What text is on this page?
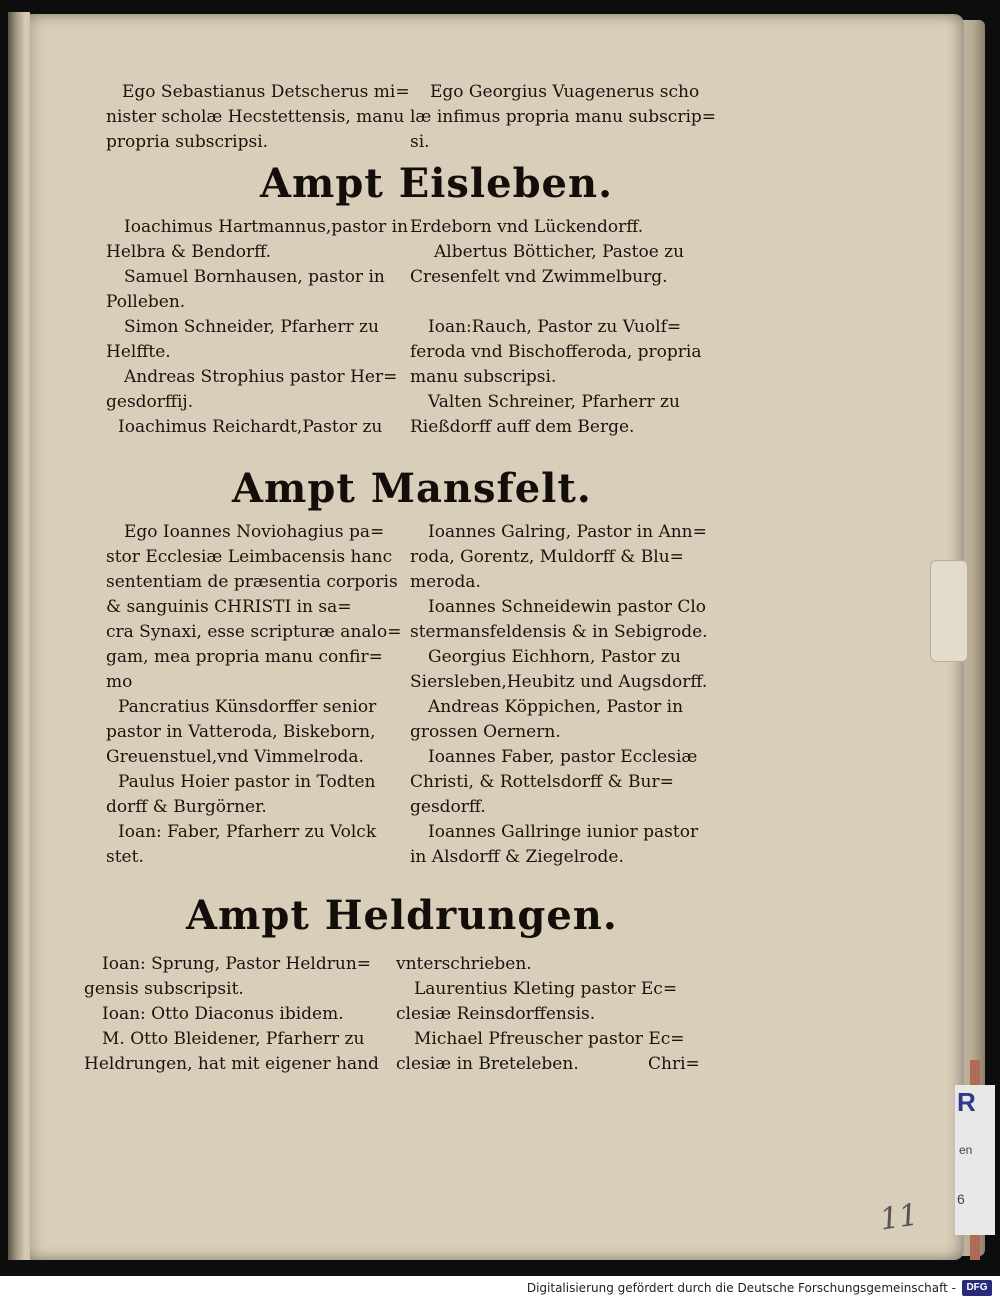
R
en
6
Ego Sebastianus Detscherus mi=
nister scholæ Hecstettensis, manu
propria subscripsi.
Ego Georgius Vuagenerus scho
læ infimus propria manu subscrip=
si.
Ampt Eisleben.
Ioachimus Hartmannus,pastor in
Helbra & Bendorff.
Samuel Bornhausen, pastor in
Polleben.
Simon Schneider, Pfarherr zu
Helffte.
Andreas Strophius pastor Her=
gesdorffij.
Ioachimus Reichardt,Pastor zu
Erdeborn vnd Lückendorff.
Albertus Bötticher, Pastoe zu
Cresenfelt vnd Zwimmelburg.

Ioan:Rauch, Pastor zu Vuolf=
feroda vnd Bischofferoda, propria
manu subscripsi.
Valten Schreiner, Pfarherr zu
Rießdorff auff dem Berge.
Ampt Mansfelt.
Ego Ioannes Noviohagius pa=
stor Ecclesiæ Leimbacensis hanc
sententiam de præsentia corporis
& sanguinis CHRISTI in sa=
cra Synaxi, esse scripturæ analo=
gam, mea propria manu confir=
mo
Pancratius Künsdorffer senior
pastor in Vatteroda, Biskeborn,
Greuenstuel,vnd Vimmelroda.
Paulus Hoier pastor in Todten
dorff & Burgörner.
Ioan: Faber, Pfarherr zu Volck
stet.
Ioannes Galring, Pastor in Ann=
roda, Gorentz, Muldorff & Blu=
meroda.
Ioannes Schneidewin pastor Clo
stermansfeldensis & in Sebigrode.
Georgius Eichhorn, Pastor zu
Siersleben,Heubitz und Augsdorff.
Andreas Köppichen, Pastor in
grossen Oernern.
Ioannes Faber, pastor Ecclesiæ
Christi, & Rottelsdorff & Bur=
gesdorff.
Ioannes Gallringe iunior pastor
in Alsdorff & Ziegelrode.
Ampt Heldrungen.
Ioan: Sprung, Pastor Heldrun=
gensis subscripsit.
Ioan: Otto Diaconus ibidem.
M. Otto Bleidener, Pfarherr zu
Heldrungen, hat mit eigener hand
vnterschrieben.
Laurentius Kleting pastor Ec=
clesiæ Reinsdorffensis.
Michael Pfreuscher pastor Ec=
clesiæ in Breteleben.	Chri=
11
Digitalisierung gefördert durch die Deutsche Forschungsgemeinschaft -	DFG
